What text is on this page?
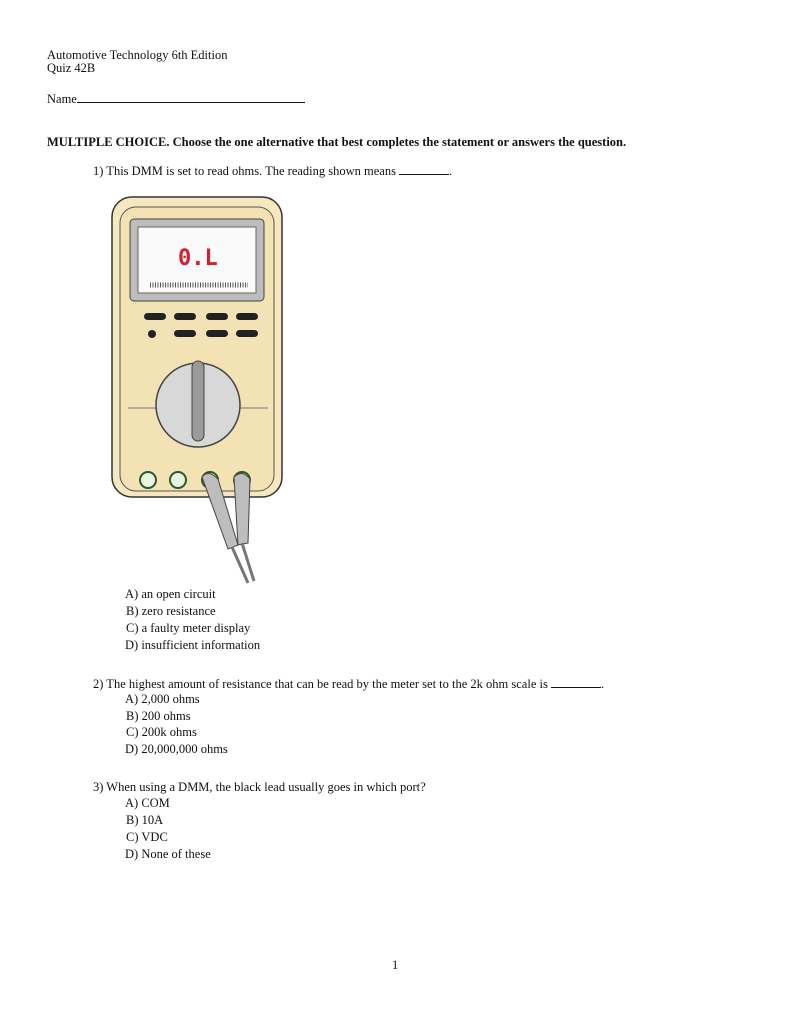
Automotive Technology 6th Edition
Quiz 42B
Name
MULTIPLE CHOICE. Choose the one alternative that best completes the statement or answers the question.
1) This DMM is set to read ohms. The reading shown means	.
0.L
A) an open circuit
B) zero resistance
C) a faulty meter display
D) insufficient information
2) The highest amount of resistance that can be read by the meter set to the 2k ohm scale is	.
A) 2,000 ohms
B) 200 ohms
C) 200k ohms
D) 20,000,000 ohms
3) When using a DMM, the black lead usually goes in which port?
A) COM
B) 10A
C) VDC
D) None of these
1
